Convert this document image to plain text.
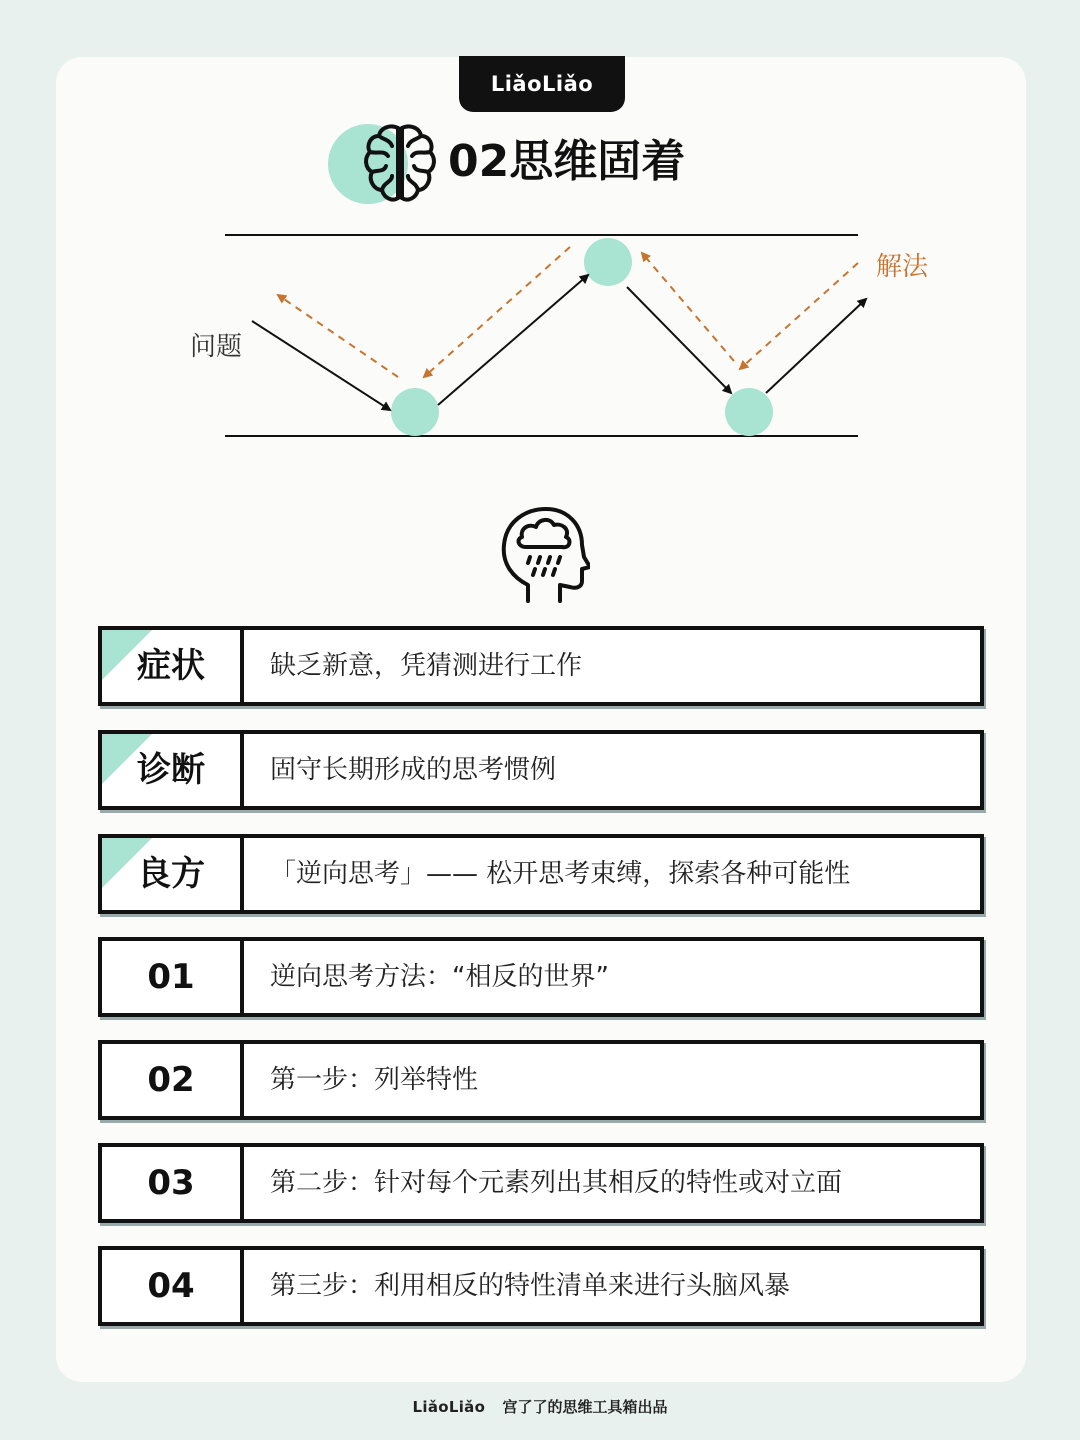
LiǎoLiǎo
02思维固着
问题
解法
症状	缺乏新意，凭猜测进行工作
诊断	固守长期形成的思考惯例
良方	「逆向思考」—— 松开思考束缚，探索各种可能性
01	逆向思考方法：“相反的世界”
02	第一步：列举特性
03	第二步：针对每个元素列出其相反的特性或对立面
04	第三步：利用相反的特性清单来进行头脑风暴
LiǎoLiǎo 宫了了的思维工具箱出品
